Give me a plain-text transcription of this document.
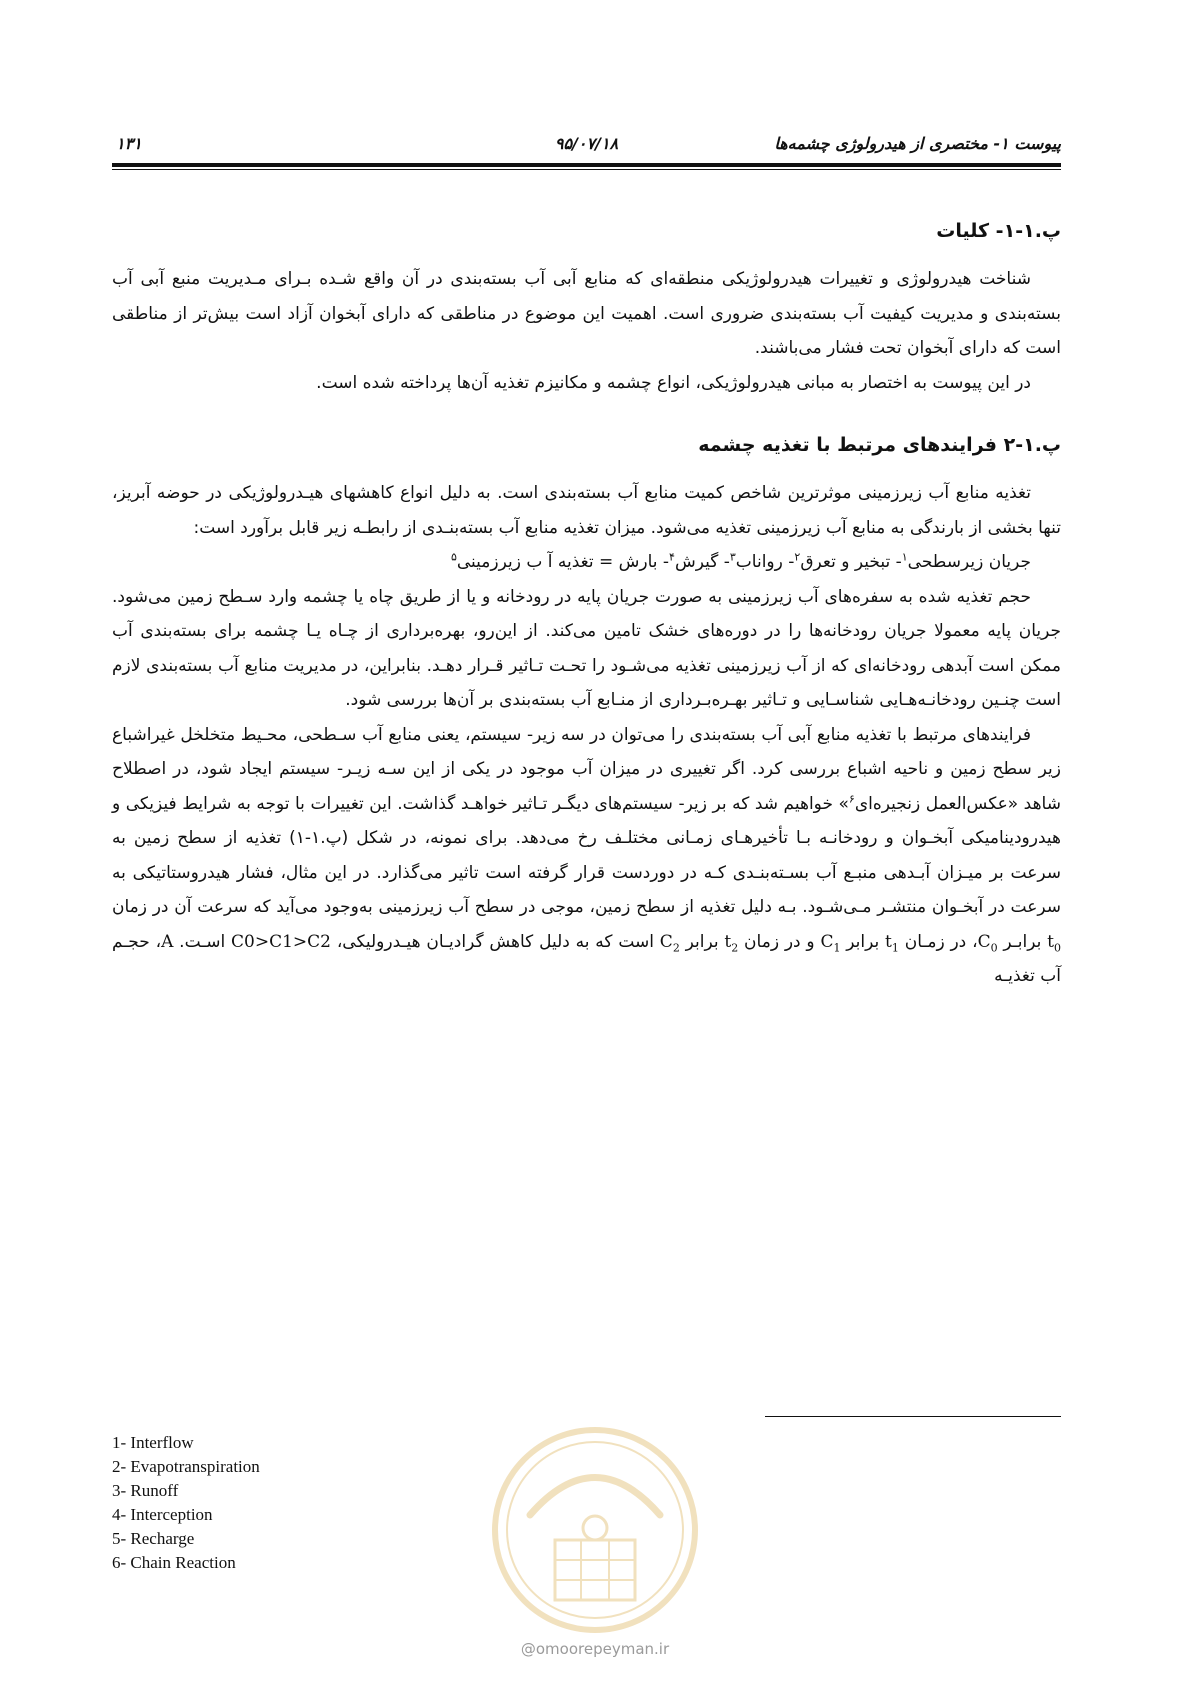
پیوست ۱- مختصری از هیدرولوژی چشمه‌ها
۹۵/۰۷/۱۸
۱۳۱
پ.۱-۱- کلیات

شناخت هیدرولوژی و تغییرات هیدرولوژیکی منطقه‌ای که منابع آبی آب بسته‌بندی در آن واقع شـده بـرای مـدیریت منبع آبی آب بسته‌بندی و مدیریت کیفیت آب بسته‌بندی ضروری است. اهمیت این موضوع در مناطقی که دارای آبخوان آزاد است بیش‌تر از مناطقی است که دارای آبخوان تحت فشار می‌باشند.

در این پیوست به اختصار به مبانی هیدرولوژیکی، انواع چشمه و مکانیزم تغذیه آن‌ها پرداخته شده است.

پ.۱-۲ فرایندهای مرتبط با تغذیه چشمه

تغذیه منابع آب زیرزمینی موثرترین شاخص کمیت منابع آب بسته‌بندی است. به دلیل انواع کاهشهای هیـدرولوژیکی در حوضه آبریز، تنها بخشی از بارندگی به منابع آب زیرزمینی تغذیه می‌شود. میزان تغذیه منابع آب بسته‌بنـدی از رابطـه زیر قابل برآورد است:

جریان زیرسطحی$^۱$- تبخیر و تعرق$^۲$- رواناب$^۳$- گیرش$^۴$- بارش = تغذیه آ ب زیرزمینی$^۵$

حجم تغذیه شده به سفره‌های آب زیرزمینی به صورت جریان پایه در رودخانه و یا از طریق چاه یا چشمه وارد سـطح زمین می‌شود. جریان پایه معمولا جریان رودخانه‌ها را در دوره‌های خشک تامین می‌کند. از این‌رو، بهره‌برداری از چـاه یـا چشمه برای بسته‌بندی آب ممکن است آبدهی رودخانه‌ای که از آب زیرزمینی تغذیه می‌شـود را تحـت تـاثیر قـرار دهـد. بنابراین، در مدیریت منابع آب بسته‌بندی لازم است چنـین رودخانـه‌هـایی شناسـایی و تـاثیر بهـره‌بـرداری از منـابع آب بسته‌بندی بر آن‌ها بررسی شود.

فرایندهای مرتبط با تغذیه منابع آبی آب بسته‌بندی را می‌توان در سه زیر- سیستم، یعنی منابع آب سـطحی، محـیط متخلخل غیراشباع زیر سطح زمین و ناحیه اشباع بررسی کرد. اگر تغییری در میزان آب موجود در یکی از این سـه زیـر- سیستم ایجاد شود، در اصطلاح شاهد «عکس‌العمل زنجیره‌ای$^۶$» خواهیم شد که بر زیر- سیستم‌های دیگـر تـاثیر خواهـد گذاشت. این تغییرات با توجه به شرایط فیزیکی و هیدرودینامیکی آبخـوان و رودخانـه بـا تأخیرهـای زمـانی مختلـف رخ می‌دهد. برای نمونه، در شکل (پ.۱-۱) تغذیه از سطح زمین به سرعت بر میـزان آبـدهی منبـع آب بسـته‌بنـدی کـه در دوردست قرار گرفته است تاثیر می‌گذارد. در این مثال، فشار هیدروستاتیکی به سرعت در آبخـوان منتشـر مـی‌شـود. بـه دلیل تغذیه از سطح زمین، موجی در سطح آب زیرزمینی به‌وجود می‌آید که سرعت آن در زمان $t_0$ برابـر $C_0،$ در زمـان $t_1$ برابر $C_1$ و در زمان $t_2$ برابر $C_2$ است که به دلیل کاهش گرادیـان هیـدرولیکی، C0>C1>C2 اسـت. A، حجـم آب تغذیـه

1- Interflow
2- Evapotranspiration
3- Runoff
4- Interception
5- Recharge
6- Chain Reaction
@omoorepeyman.ir
